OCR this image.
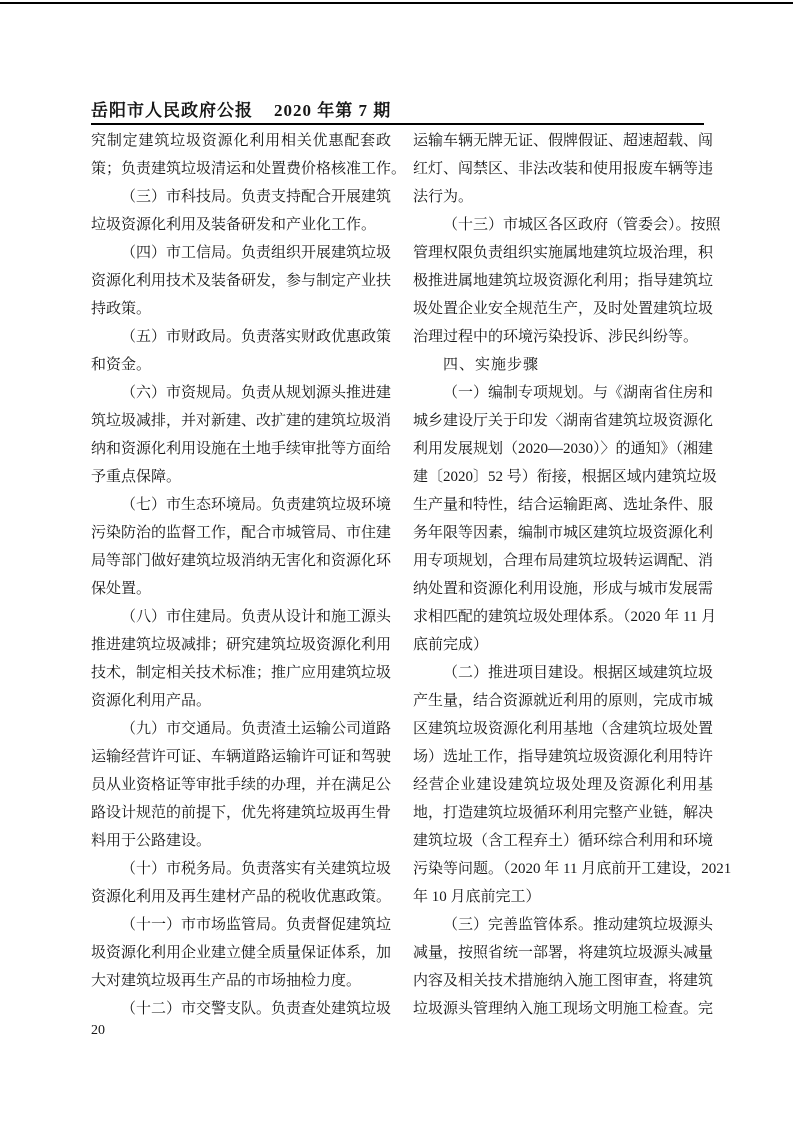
岳阳市人民政府公报 2020 年第 7 期
究制定建筑垃圾资源化利用相关优惠配套政
策；负责建筑垃圾清运和处置费价格核准工作。
（三）市科技局。负责支持配合开展建筑
垃圾资源化利用及装备研发和产业化工作。
（四）市工信局。负责组织开展建筑垃圾
资源化利用技术及装备研发，参与制定产业扶
持政策。
（五）市财政局。负责落实财政优惠政策
和资金。
（六）市资规局。负责从规划源头推进建
筑垃圾减排，并对新建、改扩建的建筑垃圾消
纳和资源化利用设施在土地手续审批等方面给
予重点保障。
（七）市生态环境局。负责建筑垃圾环境
污染防治的监督工作，配合市城管局、市住建
局等部门做好建筑垃圾消纳无害化和资源化环
保处置。
（八）市住建局。负责从设计和施工源头
推进建筑垃圾减排；研究建筑垃圾资源化利用
技术，制定相关技术标准；推广应用建筑垃圾
资源化利用产品。
（九）市交通局。负责渣土运输公司道路
运输经营许可证、车辆道路运输许可证和驾驶
员从业资格证等审批手续的办理，并在满足公
路设计规范的前提下，优先将建筑垃圾再生骨
料用于公路建设。
（十）市税务局。负责落实有关建筑垃圾
资源化利用及再生建材产品的税收优惠政策。
（十一）市市场监管局。负责督促建筑垃
圾资源化利用企业建立健全质量保证体系，加
大对建筑垃圾再生产品的市场抽检力度。
（十二）市交警支队。负责查处建筑垃圾
运输车辆无牌无证、假牌假证、超速超载、闯
红灯、闯禁区、非法改装和使用报废车辆等违
法行为。
（十三）市城区各区政府（管委会）。按照
管理权限负责组织实施属地建筑垃圾治理，积
极推进属地建筑垃圾资源化利用；指导建筑垃
圾处置企业安全规范生产，及时处置建筑垃圾
治理过程中的环境污染投诉、涉民纠纷等。
四、实施步骤
（一）编制专项规划。与《湖南省住房和
城乡建设厅关于印发〈湖南省建筑垃圾资源化
利用发展规划（2020—2030）〉的通知》（湘建
建〔2020〕52 号）衔接，根据区域内建筑垃圾
生产量和特性，结合运输距离、选址条件、服
务年限等因素，编制市城区建筑垃圾资源化利
用专项规划，合理布局建筑垃圾转运调配、消
纳处置和资源化利用设施，形成与城市发展需
求相匹配的建筑垃圾处理体系。（2020 年 11 月
底前完成）
（二）推进项目建设。根据区域建筑垃圾
产生量，结合资源就近利用的原则，完成市城
区建筑垃圾资源化利用基地（含建筑垃圾处置
场）选址工作，指导建筑垃圾资源化利用特许
经营企业建设建筑垃圾处理及资源化利用基
地，打造建筑垃圾循环利用完整产业链，解决
建筑垃圾（含工程弃土）循环综合利用和环境
污染等问题。（2020 年 11 月底前开工建设，2021
年 10 月底前完工）
（三）完善监管体系。推动建筑垃圾源头
减量，按照省统一部署，将建筑垃圾源头减量
内容及相关技术措施纳入施工图审查，将建筑
垃圾源头管理纳入施工现场文明施工检查。完
20
